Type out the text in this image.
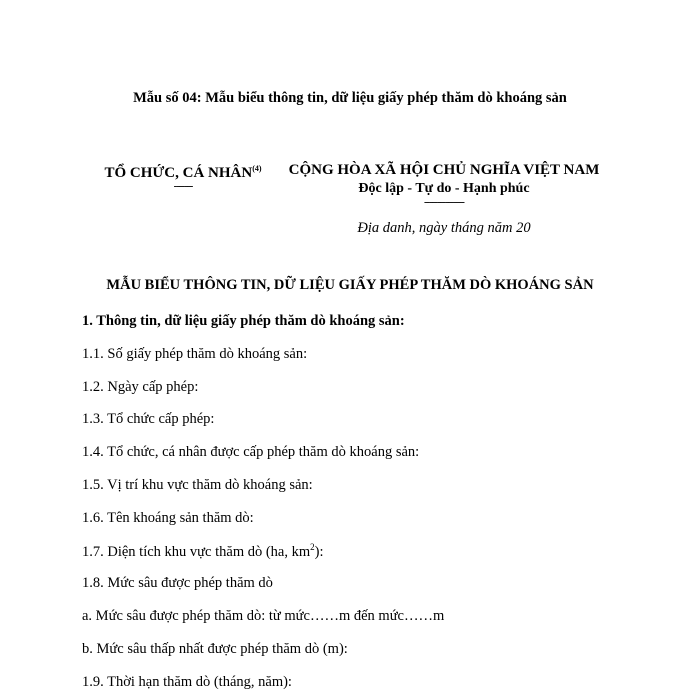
Mẫu số 04: Mẫu biểu thông tin, dữ liệu giấy phép thăm dò khoáng sản
TỔ CHỨC, CÁ NHÂN$^{(4)}$
-------
CỘNG HÒA XÃ HỘI CHỦ NGHĨA VIỆT NAM
Độc lập - Tự do - Hạnh phúc
---------------
Địa danh, ngày tháng năm 20
MẪU BIỂU THÔNG TIN, DỮ LIỆU GIẤY PHÉP THĂM DÒ KHOÁNG SẢN
1. Thông tin, dữ liệu giấy phép thăm dò khoáng sản:
1.1. Số giấy phép thăm dò khoáng sản:
1.2. Ngày cấp phép:
1.3. Tổ chức cấp phép:
1.4. Tổ chức, cá nhân được cấp phép thăm dò khoáng sản:
1.5. Vị trí khu vực thăm dò khoáng sản:
1.6. Tên khoáng sản thăm dò:
1.7. Diện tích khu vực thăm dò (ha, $km^2$):
1.8. Mức sâu được phép thăm dò
a. Mức sâu được phép thăm dò: từ mức……m đến mức……m
b. Mức sâu thấp nhất được phép thăm dò (m):
1.9. Thời hạn thăm dò (tháng, năm):
